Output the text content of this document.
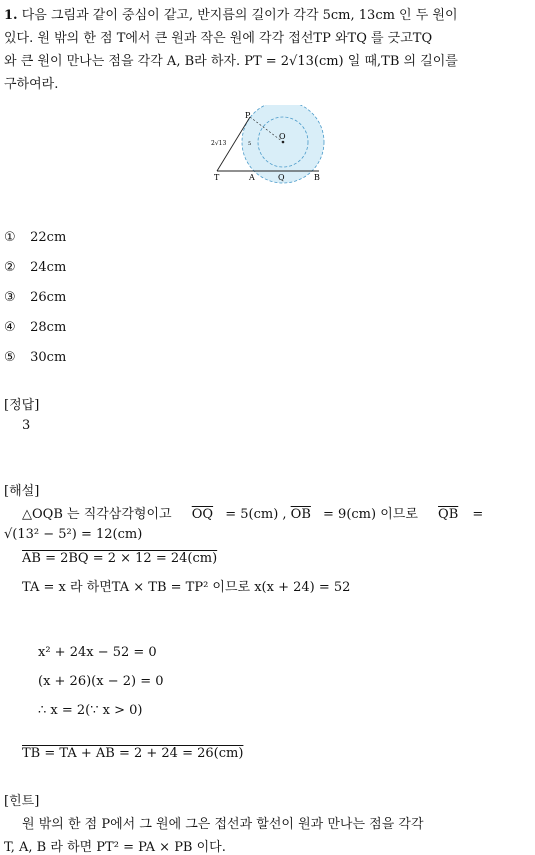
1. 다음 그림과 같이 중심이 같고, 반지름의 길이가 각각 5cm, 13cm 인 두 원이
있다. 원 밖의 한 점 T에서 큰 원과 작은 원에 각각 접선TP 와TQ 를 긋고TQ
와 큰 원이 만나는 점을 각각 A, B라 하자. PT = 2√13(cm) 일 때,TB 의 길이를
구하여라.
P
O
T	A	Q	B
2√13	5
① 22cm
② 24cm
③ 26cm
④ 28cm
⑤ 30cm
[정답]
3
[해설]
△OQB 는 직각삼각형이고 $\overline{OQ} = 5(cm)$ , $\overline{OB} = 9(cm)$ 이므로 $\overline{QB}$ =
√(13² − 5²) = 12(cm)
AB = 2BQ = 2 × 12 = 24(cm)
TA = x 라 하면TA × TB = TP² 이므로 x(x + 24) = 52
x² + 24x − 52 = 0
(x + 26)(x − 2) = 0
∴ x = 2(∵ x > 0)
TB = TA + AB = 2 + 24 = 26(cm)
[힌트]
원 밖의 한 점 P에서 그 원에 그은 접선과 할선이 원과 만나는 점을 각각
T, A, B 라 하면 PT² = PA × PB 이다.
